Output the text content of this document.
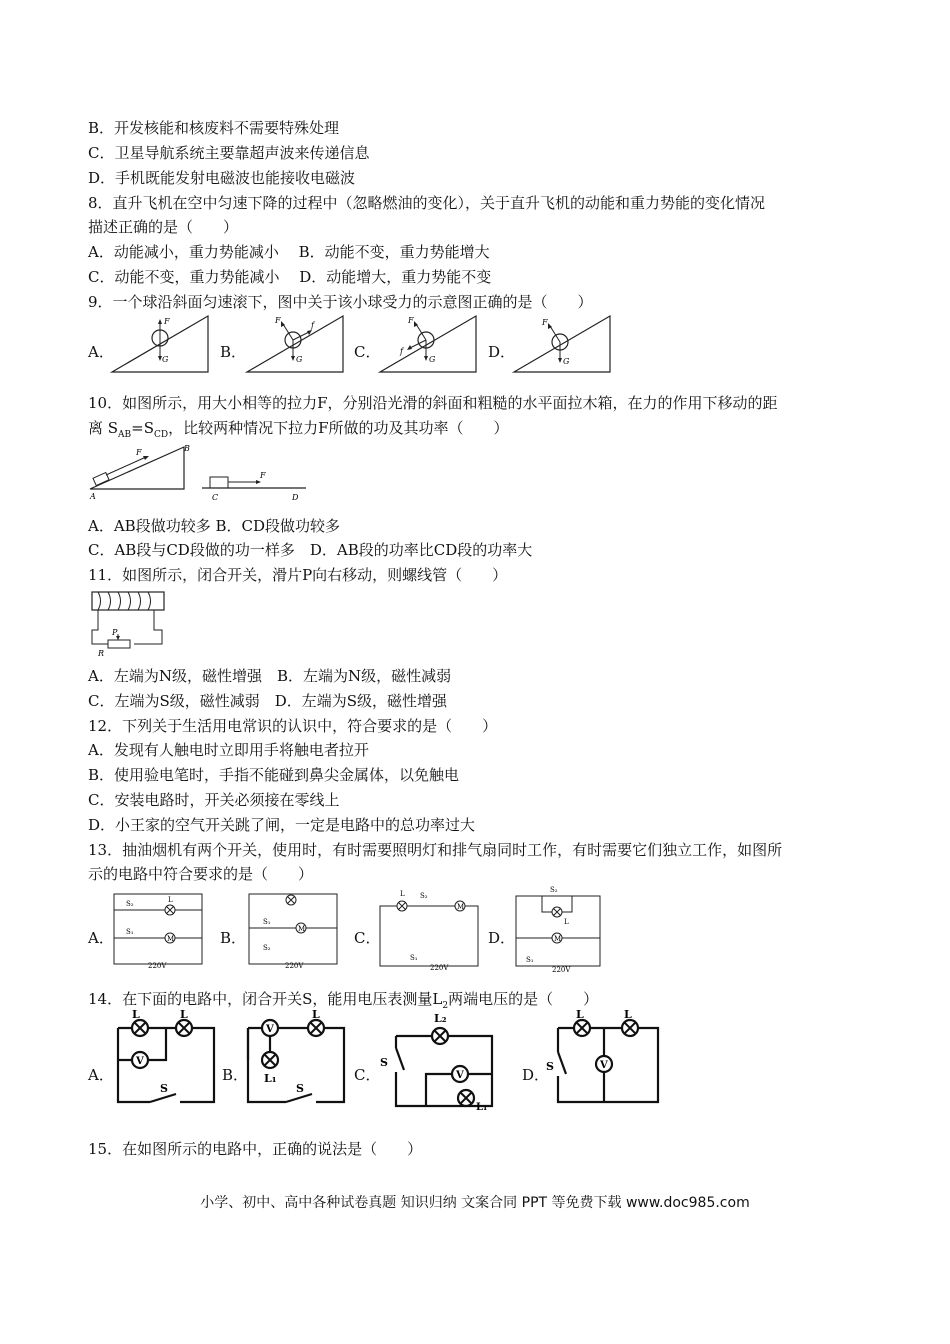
B．开发核能和核废料不需要特殊处理
C．卫星导航系统主要靠超声波来传递信息
D．手机既能发射电磁波也能接收电磁波
8．直升飞机在空中匀速下降的过程中（忽略燃油的变化），关于直升飞机的动能和重力势能的变化情况
描述正确的是（　　）
A．动能减小，重力势能减小　 B．动能不变，重力势能增大
C．动能不变，重力势能减小　 D．动能增大，重力势能不变
9．一个球沿斜面匀速滚下，图中关于该小球受力的示意图正确的是（　　）
A．
F
G	B．
F
f
G	C．
F
f
G	D．
F
G
10．如图所示，用大小相等的拉力F，分别沿光滑的斜面和粗糙的水平面拉木箱，在力的作用下移动的距
离 $S_{AB}=S_{CD}$，比较两种情况下拉力F所做的功及其功率（　　）
F
A
B
F
C	D
A．AB段做功较多 B．CD段做功较多
C．AB段与CD段做的功一样多　D．AB段的功率比CD段的功率大
11．如图所示，闭合开关，滑片P向右移动，则螺线管（　　）
P
R
A．左端为N级，磁性增强　B．左端为N级，磁性减弱
C．左端为S级，磁性减弱　D．左端为S级，磁性增强
12．下列关于生活用电常识的认识中，符合要求的是（　　）
A．发现有人触电时立即用手将触电者拉开
B．使用验电笔时，手指不能碰到鼻尖金属体，以免触电
C．安装电路时，开关必须接在零线上
D．小王家的空气开关跳了闸，一定是电路中的总功率过大
13．抽油烟机有两个开关，使用时，有时需要照明灯和排气扇同时工作，有时需要它们独立工作，如图所
示的电路中符合要求的是（　　）
A．	M
L
S₂
S₁
220V
B．	M
S₁
S₂
220V
C．
M
L S₂
S₁
220V
D．	M
S₂
L
S₁
220V
14．在下面的电路中，闭合开关S，能用电压表测量$L_2$两端电压的是（　　）
A．
V
L	L
S
B．
V
L
L₁
S
C．	V
L₂
S
L₁
D．
V
L	L
S
15．在如图所示的电路中，正确的说法是（　　）
小学、初中、高中各种试卷真题 知识归纳 文案合同 PPT 等免费下载 www.doc985.com
